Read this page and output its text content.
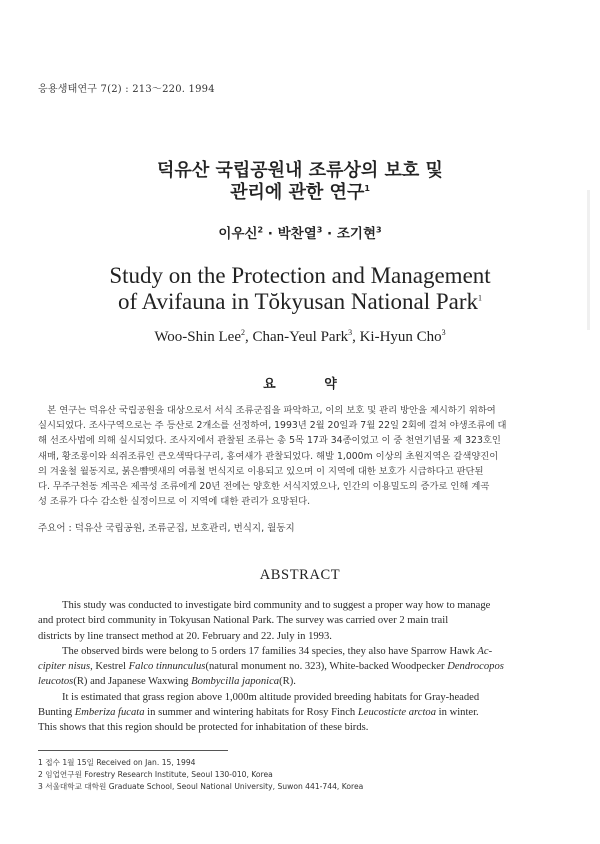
응용생태연구 7(2) : 213～220. 1994
덕유산 국립공원내 조류상의 보호 및
관리에 관한 연구$^1$
이우신$^2$ · 박찬열$^3$ · 조기현$^3$
Study on the Protection and Management
of Avifauna in Tŏkyusan National Park$^1$
Woo-Shin Lee$^2$, Chan-Yeul Park$^3$, Ki-Hyun Cho$^3$
요 약
　본 연구는 덕유산 국립공원을 대상으로서 서식 조류군집을 파악하고, 이의 보호 및 관리 방안을 제시하기 위하여
실시되었다. 조사구역으로는 주 등산로 2개소를 선정하여, 1993년 2월 20일과 7월 22일 2회에 걸쳐 야생조류에 대
해 선조사법에 의해 실시되었다. 조사지에서 관찰된 조류는 총 5목 17과 34종이었고 이 중 천연기념물 제 323호인
새매, 황조롱이와 쇠쥐조류인 큰오색딱다구리, 홍여새가 관찰되었다. 해발 1,000m 이상의 초원지역은 갈색양진이
의 겨울철 월동지로, 붉은뺨멧새의 여름철 번식지로 이용되고 있으며 이 지역에 대한 보호가 시급하다고 판단된
다. 무주구천동 계곡은 제곡성 조류에게 20년 전에는 양호한 서식지였으나, 인간의 이용밀도의 증가로 인해 계곡
성 조류가 다수 감소한 실정이므로 이 지역에 대한 관리가 요망된다.
주요어 : 덕유산 국립공원, 조류군집, 보호관리, 번식지, 월동지
ABSTRACT
This study was conducted to investigate bird community and to suggest a proper way how to manage
and protect bird community in Tokyusan National Park. The survey was carried over 2 main trail
districts by line transect method at 20. February and 22. July in 1993.
The observed birds were belong to 5 orders 17 families 34 species, they also have Sparrow Hawk Ac-
cipiter nisus, Kestrel Falco tinnunculus(natural monument no. 323), White-backed Woodpecker Dendrocopos
leucotos(R) and Japanese Waxwing Bombycilla japonica(R).
It is estimated that grass region above 1,000m altitude provided breeding habitats for Gray-headed
Bunting Emberiza fucata in summer and wintering habitats for Rosy Finch Leucosticte arctoa in winter.
This shows that this region should be protected for inhabitation of these birds.
1 접수 1월 15일 Received on Jan. 15, 1994
2 임업연구원 Forestry Research Institute, Seoul 130-010, Korea
3 서울대학교 대학원 Graduate School, Seoul National University, Suwon 441-744, Korea
